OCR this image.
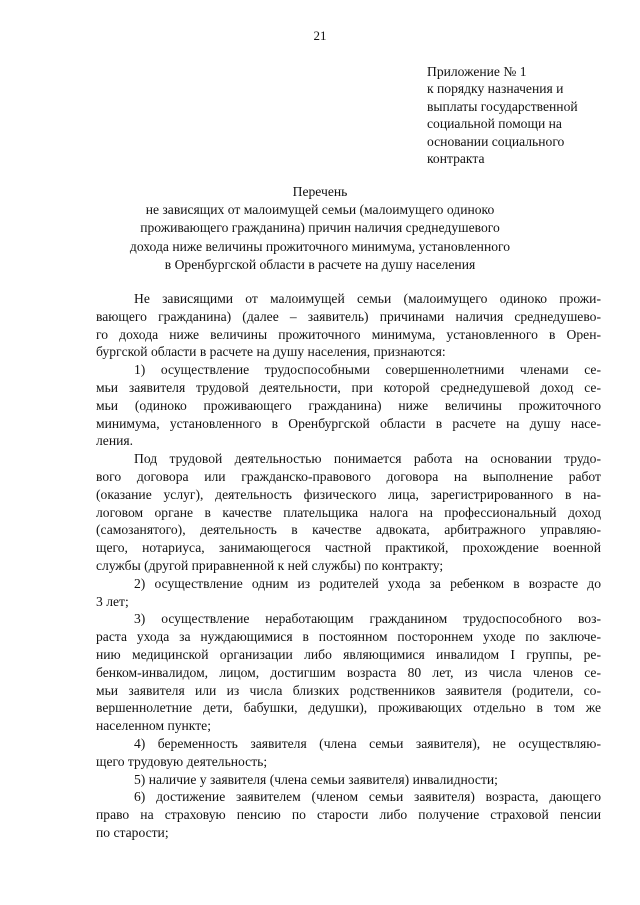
21
Приложение № 1
к порядку назначения и
выплаты государственной
социальной помощи на
основании социального
контракта
Перечень
не зависящих от малоимущей семьи (малоимущего одиноко
проживающего гражданина) причин наличия среднедушевого
дохода ниже величины прожиточного минимума, установленного
в Оренбургской области в расчете на душу населения
Не зависящими от малоимущей семьи (малоимущего одиноко прожи-
вающего гражданина) (далее – заявитель) причинами наличия среднедушево-
го дохода ниже величины прожиточного минимума, установленного в Орен-
бургской области в расчете на душу населения, признаются:
1) осуществление трудоспособными совершеннолетними членами се-
мьи заявителя трудовой деятельности, при которой среднедушевой доход се-
мьи (одиноко проживающего гражданина) ниже величины прожиточного
минимума, установленного в Оренбургской области в расчете на душу насе-
ления.
Под трудовой деятельностью понимается работа на основании трудо-
вого договора или гражданско-правового договора на выполнение работ
(оказание услуг), деятельность физического лица, зарегистрированного в на-
логовом органе в качестве плательщика налога на профессиональный доход
(самозанятого), деятельность в качестве адвоката, арбитражного управляю-
щего, нотариуса, занимающегося частной практикой, прохождение военной
службы (другой приравненной к ней службы) по контракту;
2) осуществление одним из родителей ухода за ребенком в возрасте до
3 лет;
3) осуществление неработающим гражданином трудоспособного воз-
раста ухода за нуждающимися в постоянном постороннем уходе по заключе-
нию медицинской организации либо являющимися инвалидом I группы, ре-
бенком-инвалидом, лицом, достигшим возраста 80 лет, из числа членов се-
мьи заявителя или из числа близких родственников заявителя (родители, со-
вершеннолетние дети, бабушки, дедушки), проживающих отдельно в том же
населенном пункте;
4) беременность заявителя (члена семьи заявителя), не осуществляю-
щего трудовую деятельность;
5) наличие у заявителя (члена семьи заявителя) инвалидности;
6) достижение заявителем (членом семьи заявителя) возраста, дающего
право на страховую пенсию по старости либо получение страховой пенсии
по старости;
